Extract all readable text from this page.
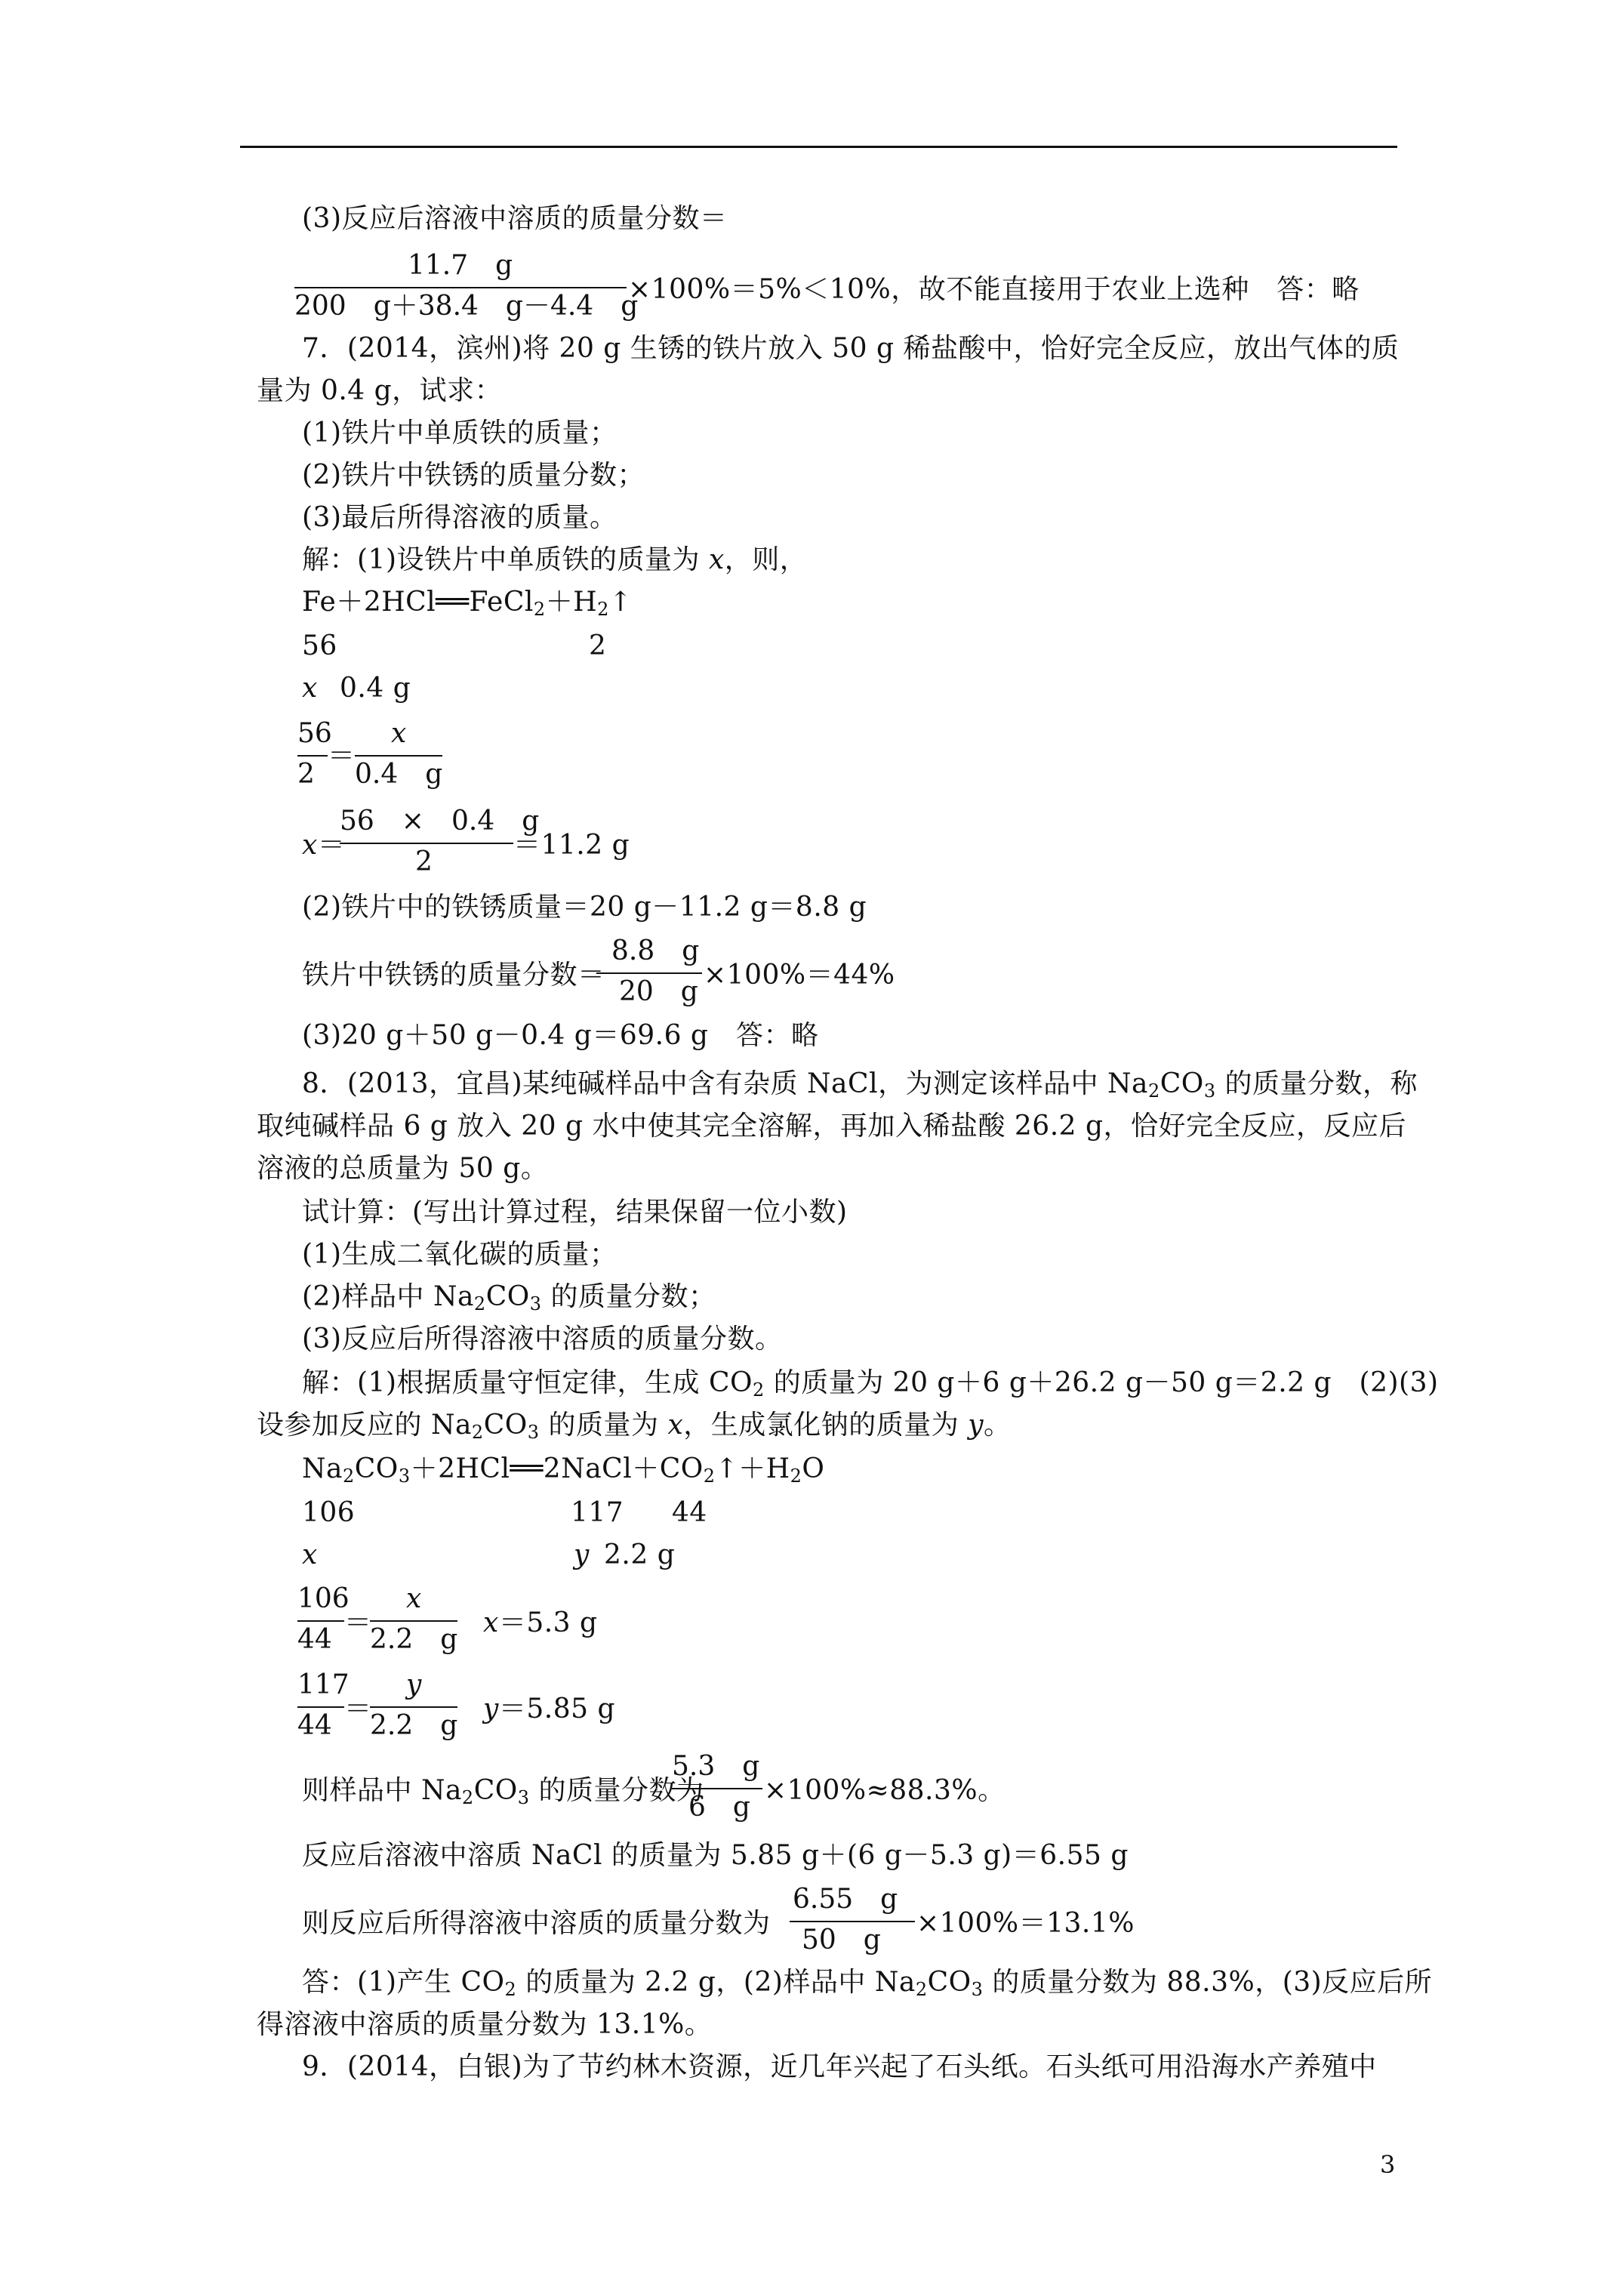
(3)反应后溶液中溶质的质量分数＝
11.7　g
200　g＋38.4　g－4.4　g
×100%＝5%＜10%，故不能直接用于农业上选种　答：略
7．(2014，滨州)将 20 g 生锈的铁片放入 50 g 稀盐酸中，恰好完全反应，放出气体的质
量为 0.4 g，试求：
(1)铁片中单质铁的质量；
(2)铁片中铁锈的质量分数；
(3)最后所得溶液的质量。
解：(1)设铁片中单质铁的质量为 x，则，
$Fe+2HCl══FeCl_2+H_2↑$
56	2
x 0.4 g
56
2
＝
x
0.4　g
x＝
56　×　0.4　g
2
＝11.2 g
(2)铁片中的铁锈质量＝20 g－11.2 g＝8.8 g
铁片中铁锈的质量分数＝
8.8　g
20　g
×100%＝44%
(3)20 g＋50 g－0.4 g＝69.6 g　答：略
8．(2013，宜昌)某纯碱样品中含有杂质 NaCl，为测定该样品中 $Na_2CO_3$ 的质量分数，称
取纯碱样品 6 g 放入 20 g 水中使其完全溶解，再加入稀盐酸 26.2 g，恰好完全反应，反应后
溶液的总质量为 50 g。
试计算：(写出计算过程，结果保留一位小数)
(1)生成二氧化碳的质量；
(2)样品中 $Na_2CO_3$ 的质量分数；
(3)反应后所得溶液中溶质的质量分数。
解：(1)根据质量守恒定律，生成 $CO_2$ 的质量为 20 g＋6 g＋26.2 g－50 g＝2.2 g　(2)(3)
设参加反应的 $Na_2CO_3$ 的质量为 x，生成氯化钠的质量为 y。
$Na_2CO_3+2HCl══2NaCl+CO_2↑+H_2O$
106	117 44
x	y 2.2 g
106
44
＝
x
2.2　g
x＝5.3 g
117
44
＝
y
2.2　g
y＝5.85 g
则样品中 $Na_2CO_3$ 的质量分数为
5.3　g
6　g
×100%≈88.3%。
反应后溶液中溶质 NaCl 的质量为 5.85 g＋(6 g－5.3 g)＝6.55 g
则反应后所得溶液中溶质的质量分数为
6.55　g
50　g
×100%＝13.1%
答：(1)产生 $CO_2$ 的质量为 2.2 g，(2)样品中 $Na_2CO_3$ 的质量分数为 88.3%，(3)反应后所
得溶液中溶质的质量分数为 13.1%。
9．(2014，白银)为了节约林木资源，近几年兴起了石头纸。石头纸可用沿海水产养殖中
3
